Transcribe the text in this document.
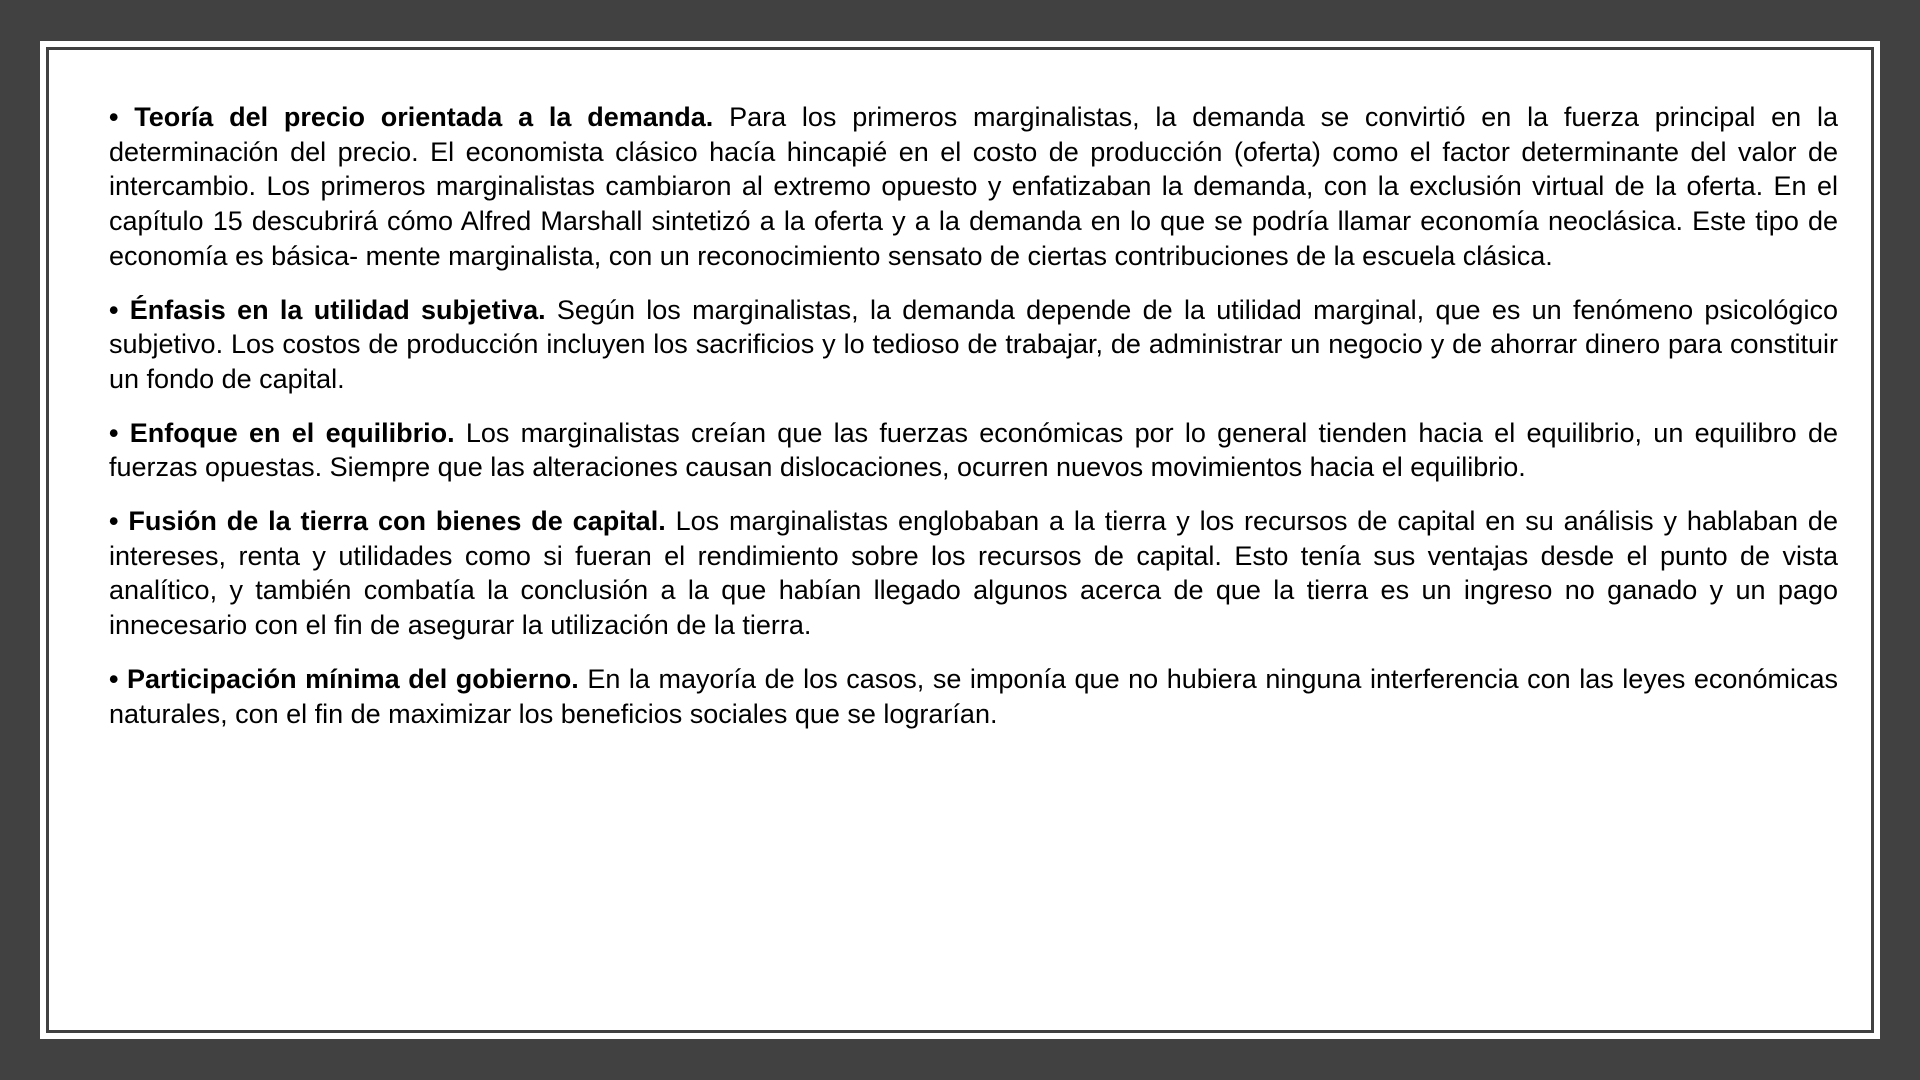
• Teoría del precio orientada a la demanda. Para los primeros marginalistas, la demanda se convirtió en la fuerza principal en la determinación del precio. El economista clásico hacía hincapié en el costo de producción (oferta) como el factor determinante del valor de intercambio. Los primeros marginalistas cambiaron al extremo opuesto y enfatizaban la demanda, con la exclusión virtual de la oferta. En el capítulo 15 descubrirá cómo Alfred Marshall sintetizó a la oferta y a la demanda en lo que se podría llamar economía neoclásica. Este tipo de economía es básica- mente marginalista, con un reconocimiento sensato de ciertas contribuciones de la escuela clásica.

• Énfasis en la utilidad subjetiva. Según los marginalistas, la demanda depende de la utilidad marginal, que es un fenómeno psicológico subjetivo. Los costos de producción incluyen los sacrificios y lo tedioso de trabajar, de administrar un negocio y de ahorrar dinero para constituir un fondo de capital.

• Enfoque en el equilibrio. Los marginalistas creían que las fuerzas económicas por lo general tienden hacia el equilibrio, un equilibro de fuerzas opuestas. Siempre que las alteraciones causan dislocaciones, ocurren nuevos movimientos hacia el equilibrio.

• Fusión de la tierra con bienes de capital. Los marginalistas englobaban a la tierra y los recursos de capital en su análisis y hablaban de intereses, renta y utilidades como si fueran el rendimiento sobre los recursos de capital. Esto tenía sus ventajas desde el punto de vista analítico, y también combatía la conclusión a la que habían llegado algunos acerca de que la tierra es un ingreso no ganado y un pago innecesario con el fin de asegurar la utilización de la tierra.

• Participación mínima del gobierno. En la mayoría de los casos, se imponía que no hubiera ninguna interferencia con las leyes económicas naturales, con el fin de maximizar los beneficios sociales que se lograrían.
